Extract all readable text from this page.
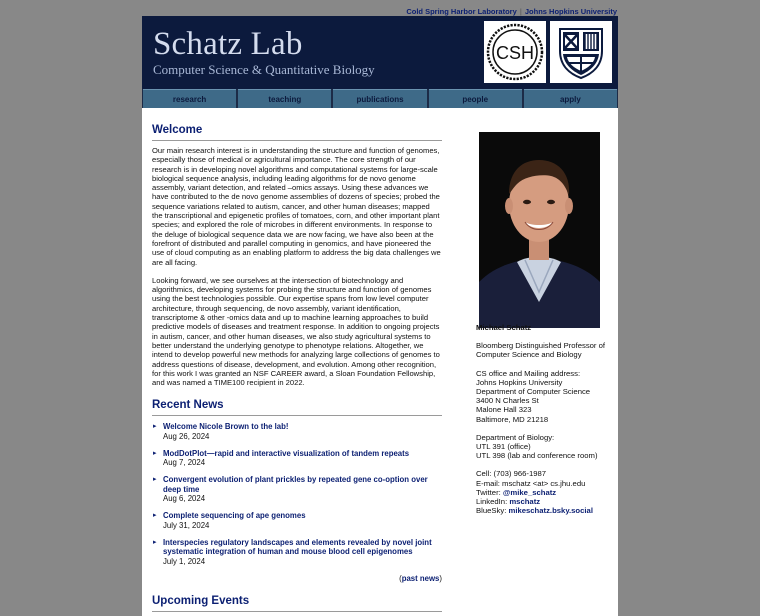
Cold Spring Harbor Laboratory | Johns Hopkins University
Schatz Lab
Computer Science & Quantitative Biology
CSH
research	teaching	publications	people	apply
Welcome

Our main research interest is in understanding the structure and function of genomes, especially those of medical or agricultural importance. The core strength of our research is in developing novel algorithms and computational systems for large-scale biological sequence analysis, including leading algorithms for de novo genome assembly, variant detection, and related –omics assays. Using these advances we have contributed to the de novo genome assemblies of dozens of species; probed the sequence variations related to autism, cancer, and other human diseases; mapped the transcriptional and epigenetic profiles of tomatoes, corn, and other important plant species; and explored the role of microbes in different environments. In response to the deluge of biological sequence data we are now facing, we have also been at the forefront of distributed and parallel computing in genomics, and have pioneered the use of cloud computing as an enabling platform to address the big data challenges we are all facing.

Looking forward, we see ourselves at the intersection of biotechnology and algorithmics, developing systems for probing the structure and function of genomes using the best technologies possible. Our expertise spans from low level computer architecture, through sequencing, de novo assembly, variant identification, transcriptome & other -omics data and up to machine learning approaches to build predictive models of diseases and treatment response. In addition to ongoing projects in autism, cancer, and other human diseases, we also study agricultural systems to better understand the underlying genotype to phenotype relations. Altogether, we intend to develop powerful new methods for analyzing large collections of genomes to address questions of disease, development, and evolution. Among other recognition, for this work I was granted an NSF CAREER award, a Sloan Foundation Fellowship, and was named a TIME100 recipient in 2022.

Recent News
▸ Welcome Nicole Brown to the lab!
Aug 26, 2024
▸ ModDotPlot—rapid and interactive visualization of tandem repeats
Aug 7, 2024
▸ Convergent evolution of plant prickles by repeated gene co-option over deep time
Aug 6, 2024
▸ Complete sequencing of ape genomes
July 31, 2024
▸ Interspecies regulatory landscapes and elements revealed by novel joint systematic integration of human and mouse blood cell epigenomes
July 1, 2024
(past news)
Upcoming Events
Michael Schatz
Bloomberg Distinguished Professor of Computer Science and Biology
CS office and Mailing address:
Johns Hopkins University
Department of Computer Science
3400 N Charles St
Malone Hall 323
Baltimore, MD 21218
Department of Biology:
UTL 391 (office)
UTL 398 (lab and conference room)
Cell: (703) 966-1987
E-mail: mschatz <at> cs.jhu.edu
Twitter: @mike_schatz
LinkedIn: mschatz
BlueSky: mikeschatz.bsky.social
